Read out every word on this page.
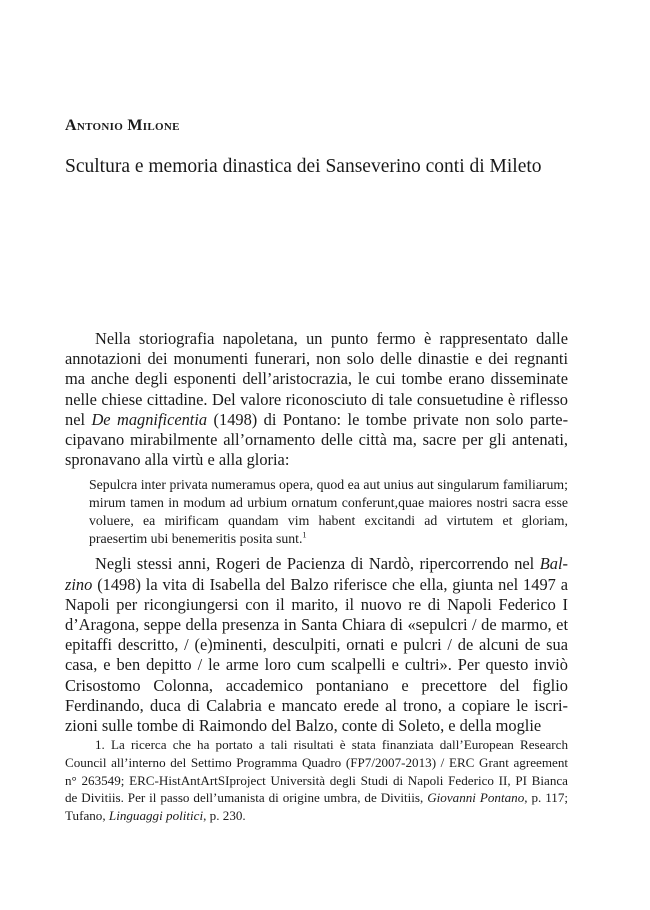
Antonio Milone
Scultura e memoria dinastica dei Sanseverino conti di Mileto

Nella storiografia napoletana, un punto fermo è rappresentato dalle annotazioni dei monumenti funerari, non solo delle dinastie e dei regnanti ma anche degli esponenti dell’aristocrazia, le cui tombe erano disseminate nelle chiese cittadine. Del valore riconosciuto di tale consuetudine è riflesso nel De magnificentia (1498) di Pontano: le tombe private non solo partecipavano mirabilmente all’ornamento delle città ma, sacre per gli antenati, spronavano alla virtù e alla gloria:

Sepulcra inter privata numeramus opera, quod ea aut unius aut singularum familiarum; mirum tamen in modum ad urbium ornatum conferunt,quae maiores nostri sacra esse voluere, ea mirificam quandam vim habent excitandi ad virtutem et gloriam, praesertim ubi benemeritis posita sunt.$^1$

Negli stessi anni, Rogeri de Pacienza di Nardò, ripercorrendo nel Balzino (1498) la vita di Isabella del Balzo riferisce che ella, giunta nel 1497 a Napoli per ricongiungersi con il marito, il nuovo re di Napoli Federico I d’Aragona, seppe della presenza in Santa Chiara di «sepulcri / de marmo, et epitaffi descritto, / (e)minenti, desculpiti, ornati e pulcri / de alcuni de sua casa, e ben depitto / le arme loro cum scalpelli e cultri». Per questo inviò Crisostomo Colonna, accademico pontaniano e precettore del figlio Ferdinando, duca di Calabria e mancato erede al trono, a copiare le iscrizioni sulle tombe di Raimondo del Balzo, conte di Soleto, e della moglie

1. La ricerca che ha portato a tali risultati è stata finanziata dall’European Research Council all’interno del Settimo Programma Quadro (FP7/2007-2013) / ERC Grant agreement n° 263549; ERC-HistAntArtSIproject Università degli Studi di Napoli Federico II, PI Bianca de Divitiis. Per il passo dell’umanista di origine umbra, de Divitiis, Giovanni Pontano, p. 117; Tufano, Linguaggi politici, p. 230.
